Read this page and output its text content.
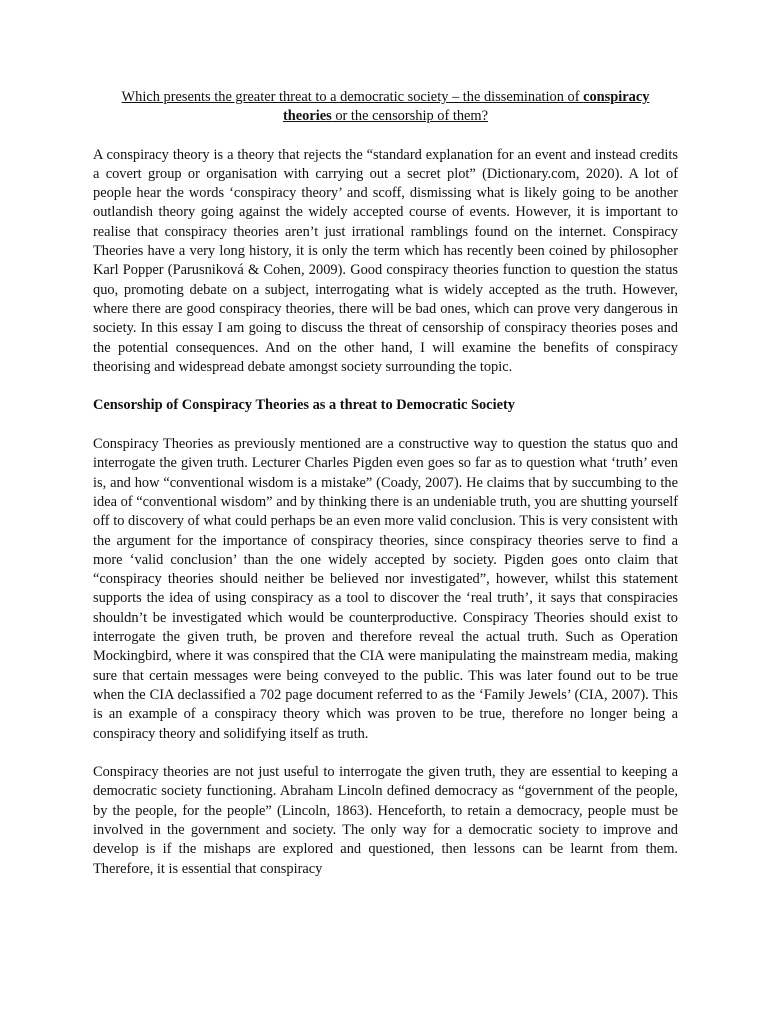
Which presents the greater threat to a democratic society – the dissemination of conspiracy theories or the censorship of them?

A conspiracy theory is a theory that rejects the “standard explanation for an event and instead credits a covert group or organisation with carrying out a secret plot” (Dictionary.com, 2020). A lot of people hear the words ‘conspiracy theory’ and scoff, dismissing what is likely going to be another outlandish theory going against the widely accepted course of events. However, it is important to realise that conspiracy theories aren’t just irrational ramblings found on the internet. Conspiracy Theories have a very long history, it is only the term which has recently been coined by philosopher Karl Popper (Parusniková & Cohen, 2009). Good conspiracy theories function to question the status quo, promoting debate on a subject, interrogating what is widely accepted as the truth. However, where there are good conspiracy theories, there will be bad ones, which can prove very dangerous in society. In this essay I am going to discuss the threat of censorship of conspiracy theories poses and the potential consequences. And on the other hand, I will examine the benefits of conspiracy theorising and widespread debate amongst society surrounding the topic.

Censorship of Conspiracy Theories as a threat to Democratic Society

Conspiracy Theories as previously mentioned are a constructive way to question the status quo and interrogate the given truth. Lecturer Charles Pigden even goes so far as to question what ‘truth’ even is, and how “conventional wisdom is a mistake” (Coady, 2007). He claims that by succumbing to the idea of “conventional wisdom” and by thinking there is an undeniable truth, you are shutting yourself off to discovery of what could perhaps be an even more valid conclusion. This is very consistent with the argument for the importance of conspiracy theories, since conspiracy theories serve to find a more ‘valid conclusion’ than the one widely accepted by society. Pigden goes onto claim that “conspiracy theories should neither be believed nor investigated”, however, whilst this statement supports the idea of using conspiracy as a tool to discover the ‘real truth’, it says that conspiracies shouldn’t be investigated which would be counterproductive. Conspiracy Theories should exist to interrogate the given truth, be proven and therefore reveal the actual truth. Such as Operation Mockingbird, where it was conspired that the CIA were manipulating the mainstream media, making sure that certain messages were being conveyed to the public. This was later found out to be true when the CIA declassified a 702 page document referred to as the ‘Family Jewels’ (CIA, 2007). This is an example of a conspiracy theory which was proven to be true, therefore no longer being a conspiracy theory and solidifying itself as truth.

Conspiracy theories are not just useful to interrogate the given truth, they are essential to keeping a democratic society functioning. Abraham Lincoln defined democracy as “government of the people, by the people, for the people” (Lincoln, 1863). Henceforth, to retain a democracy, people must be involved in the government and society. The only way for a democratic society to improve and develop is if the mishaps are explored and questioned, then lessons can be learnt from them. Therefore, it is essential that conspiracy
